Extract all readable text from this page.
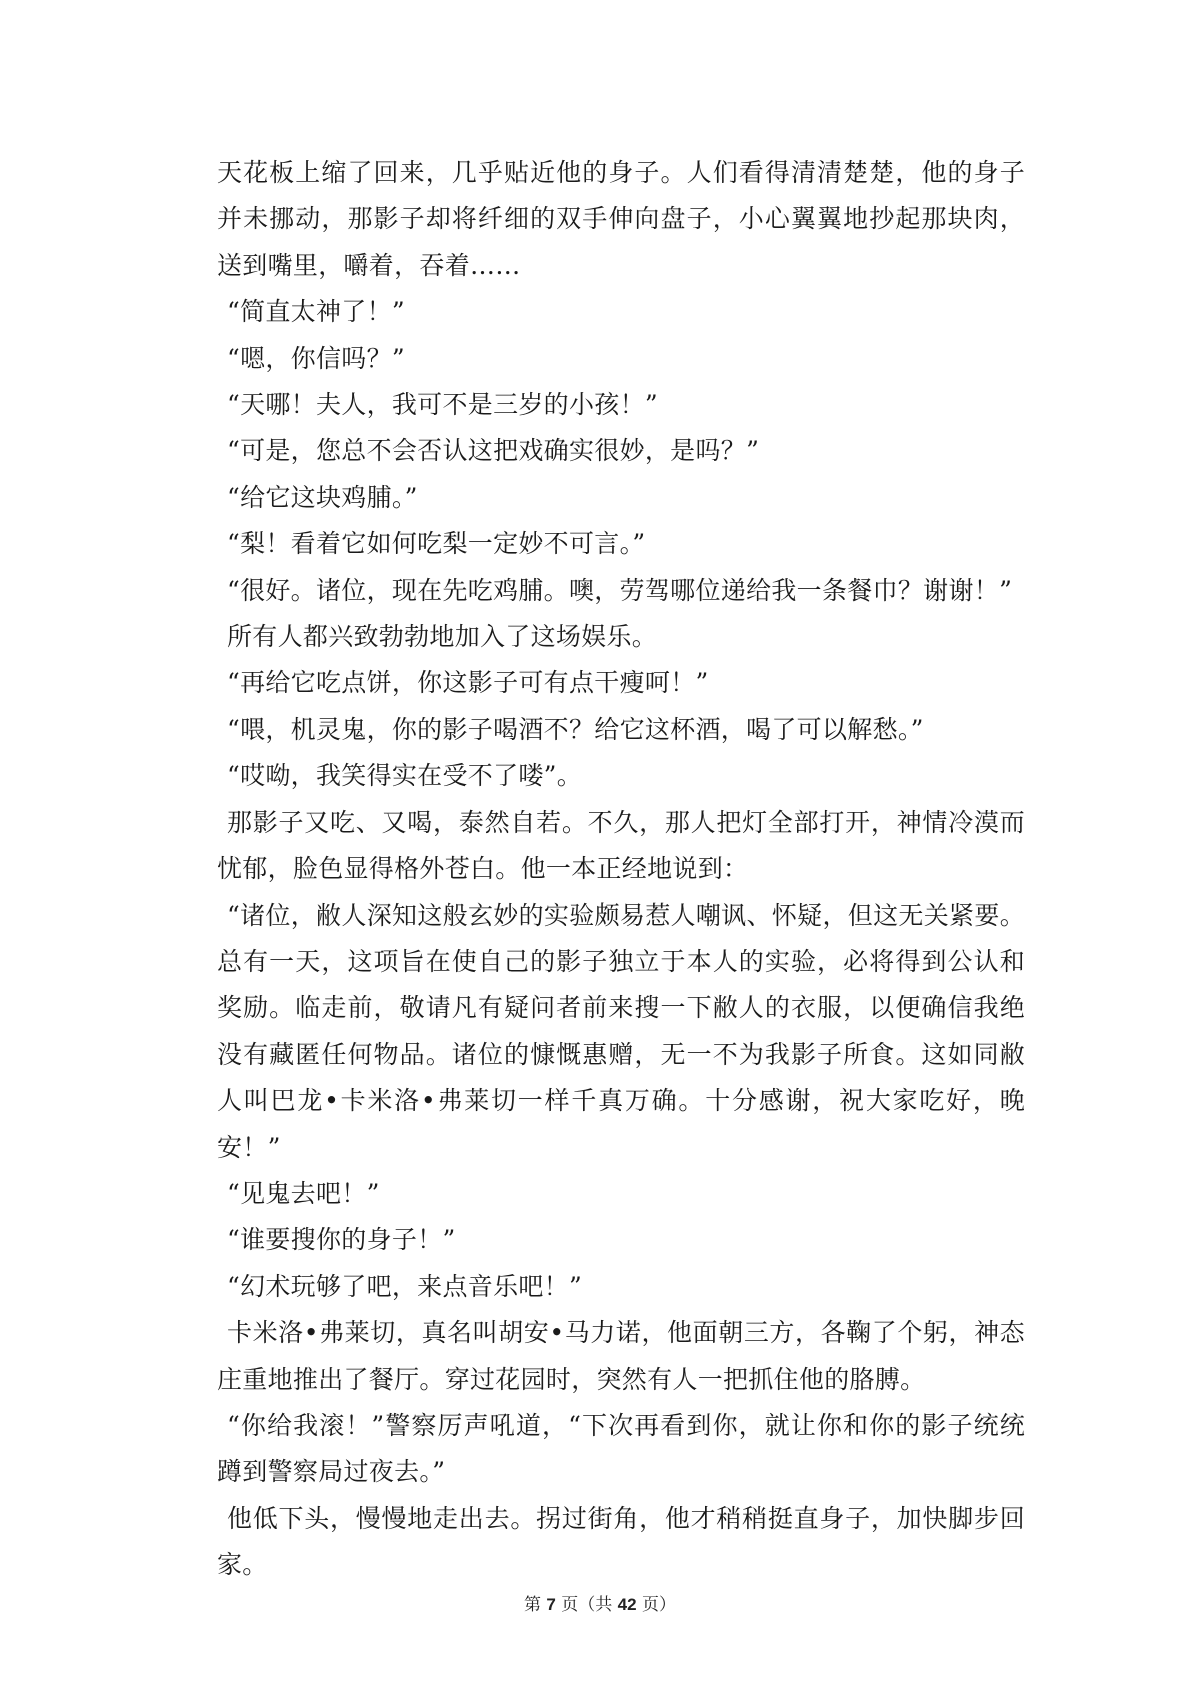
天花板上缩了回来，几乎贴近他的身子。人们看得清清楚楚，他的身子并未挪动，那影子却将纤细的双手伸向盘子，小心翼翼地抄起那块肉，送到嘴里，嚼着，吞着……

“简直太神了！”

“嗯，你信吗？”

“天哪！夫人，我可不是三岁的小孩！”

“可是，您总不会否认这把戏确实很妙，是吗？”

“给它这块鸡脯。”

“梨！看着它如何吃梨一定妙不可言。”

“很好。诸位，现在先吃鸡脯。噢，劳驾哪位递给我一条餐巾？谢谢！”

所有人都兴致勃勃地加入了这场娱乐。

“再给它吃点饼，你这影子可有点干瘦呵！”

“喂，机灵鬼，你的影子喝酒不？给它这杯酒，喝了可以解愁。”

“哎呦，我笑得实在受不了喽”。

那影子又吃、又喝，泰然自若。不久，那人把灯全部打开，神情冷漠而忧郁，脸色显得格外苍白。他一本正经地说到：

“诸位，敝人深知这般玄妙的实验颇易惹人嘲讽、怀疑，但这无关紧要。总有一天，这项旨在使自己的影子独立于本人的实验，必将得到公认和奖励。临走前，敬请凡有疑问者前来搜一下敝人的衣服，以便确信我绝没有藏匿任何物品。诸位的慷慨惠赠，无一不为我影子所食。这如同敝人叫巴龙•卡米洛•弗莱切一样千真万确。十分感谢，祝大家吃好，晚安！”

“见鬼去吧！”

“谁要搜你的身子！”

“幻术玩够了吧，来点音乐吧！”

卡米洛•弗莱切，真名叫胡安•马力诺，他面朝三方，各鞠了个躬，神态庄重地推出了餐厅。穿过花园时，突然有人一把抓住他的胳膊。

“你给我滚！”警察厉声吼道，“下次再看到你，就让你和你的影子统统蹲到警察局过夜去。”

他低下头，慢慢地走出去。拐过街角，他才稍稍挺直身子，加快脚步回家。

第 7 页（共 42 页）
